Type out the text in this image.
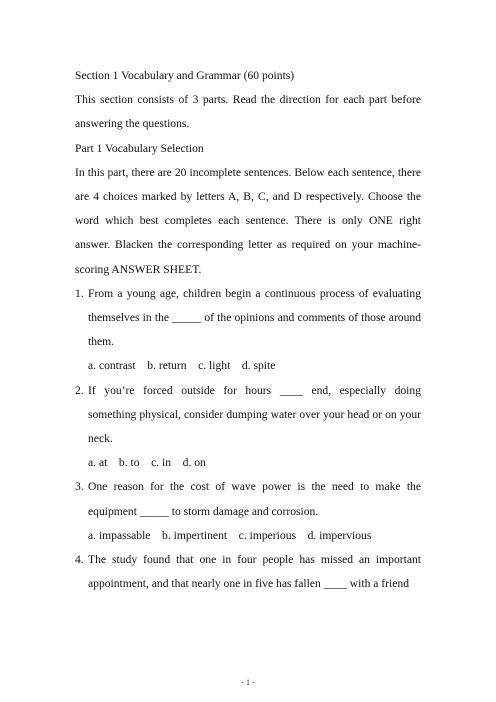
Section 1 Vocabulary and Grammar (60 points)

This section consists of 3 parts. Read the direction for each part before answering the questions.

Part 1 Vocabulary Selection

In this part, there are 20 incomplete sentences. Below each sentence, there are 4 choices marked by letters A, B, C, and D respectively. Choose the word which best completes each sentence. There is only ONE right answer. Blacken the corresponding letter as required on your machine-scoring ANSWER SHEET.

1. From a young age, children begin a continuous process of evaluating themselves in the _____ of the opinions and comments of those around them.

a. contrast    b. return    c. light    d. spite

2. If you’re forced outside for hours ____ end, especially doing something physical, consider dumping water over your head or on your neck.

a. at    b. to    c. in    d. on

3. One reason for the cost of wave power is the need to make the equipment _____ to storm damage and corrosion.

a. impassable    b. impertinent    c. imperious    d. impervious

4. The study found that one in four people has missed an important appointment, and that nearly one in five has fallen ____ with a friend
- 1 -
